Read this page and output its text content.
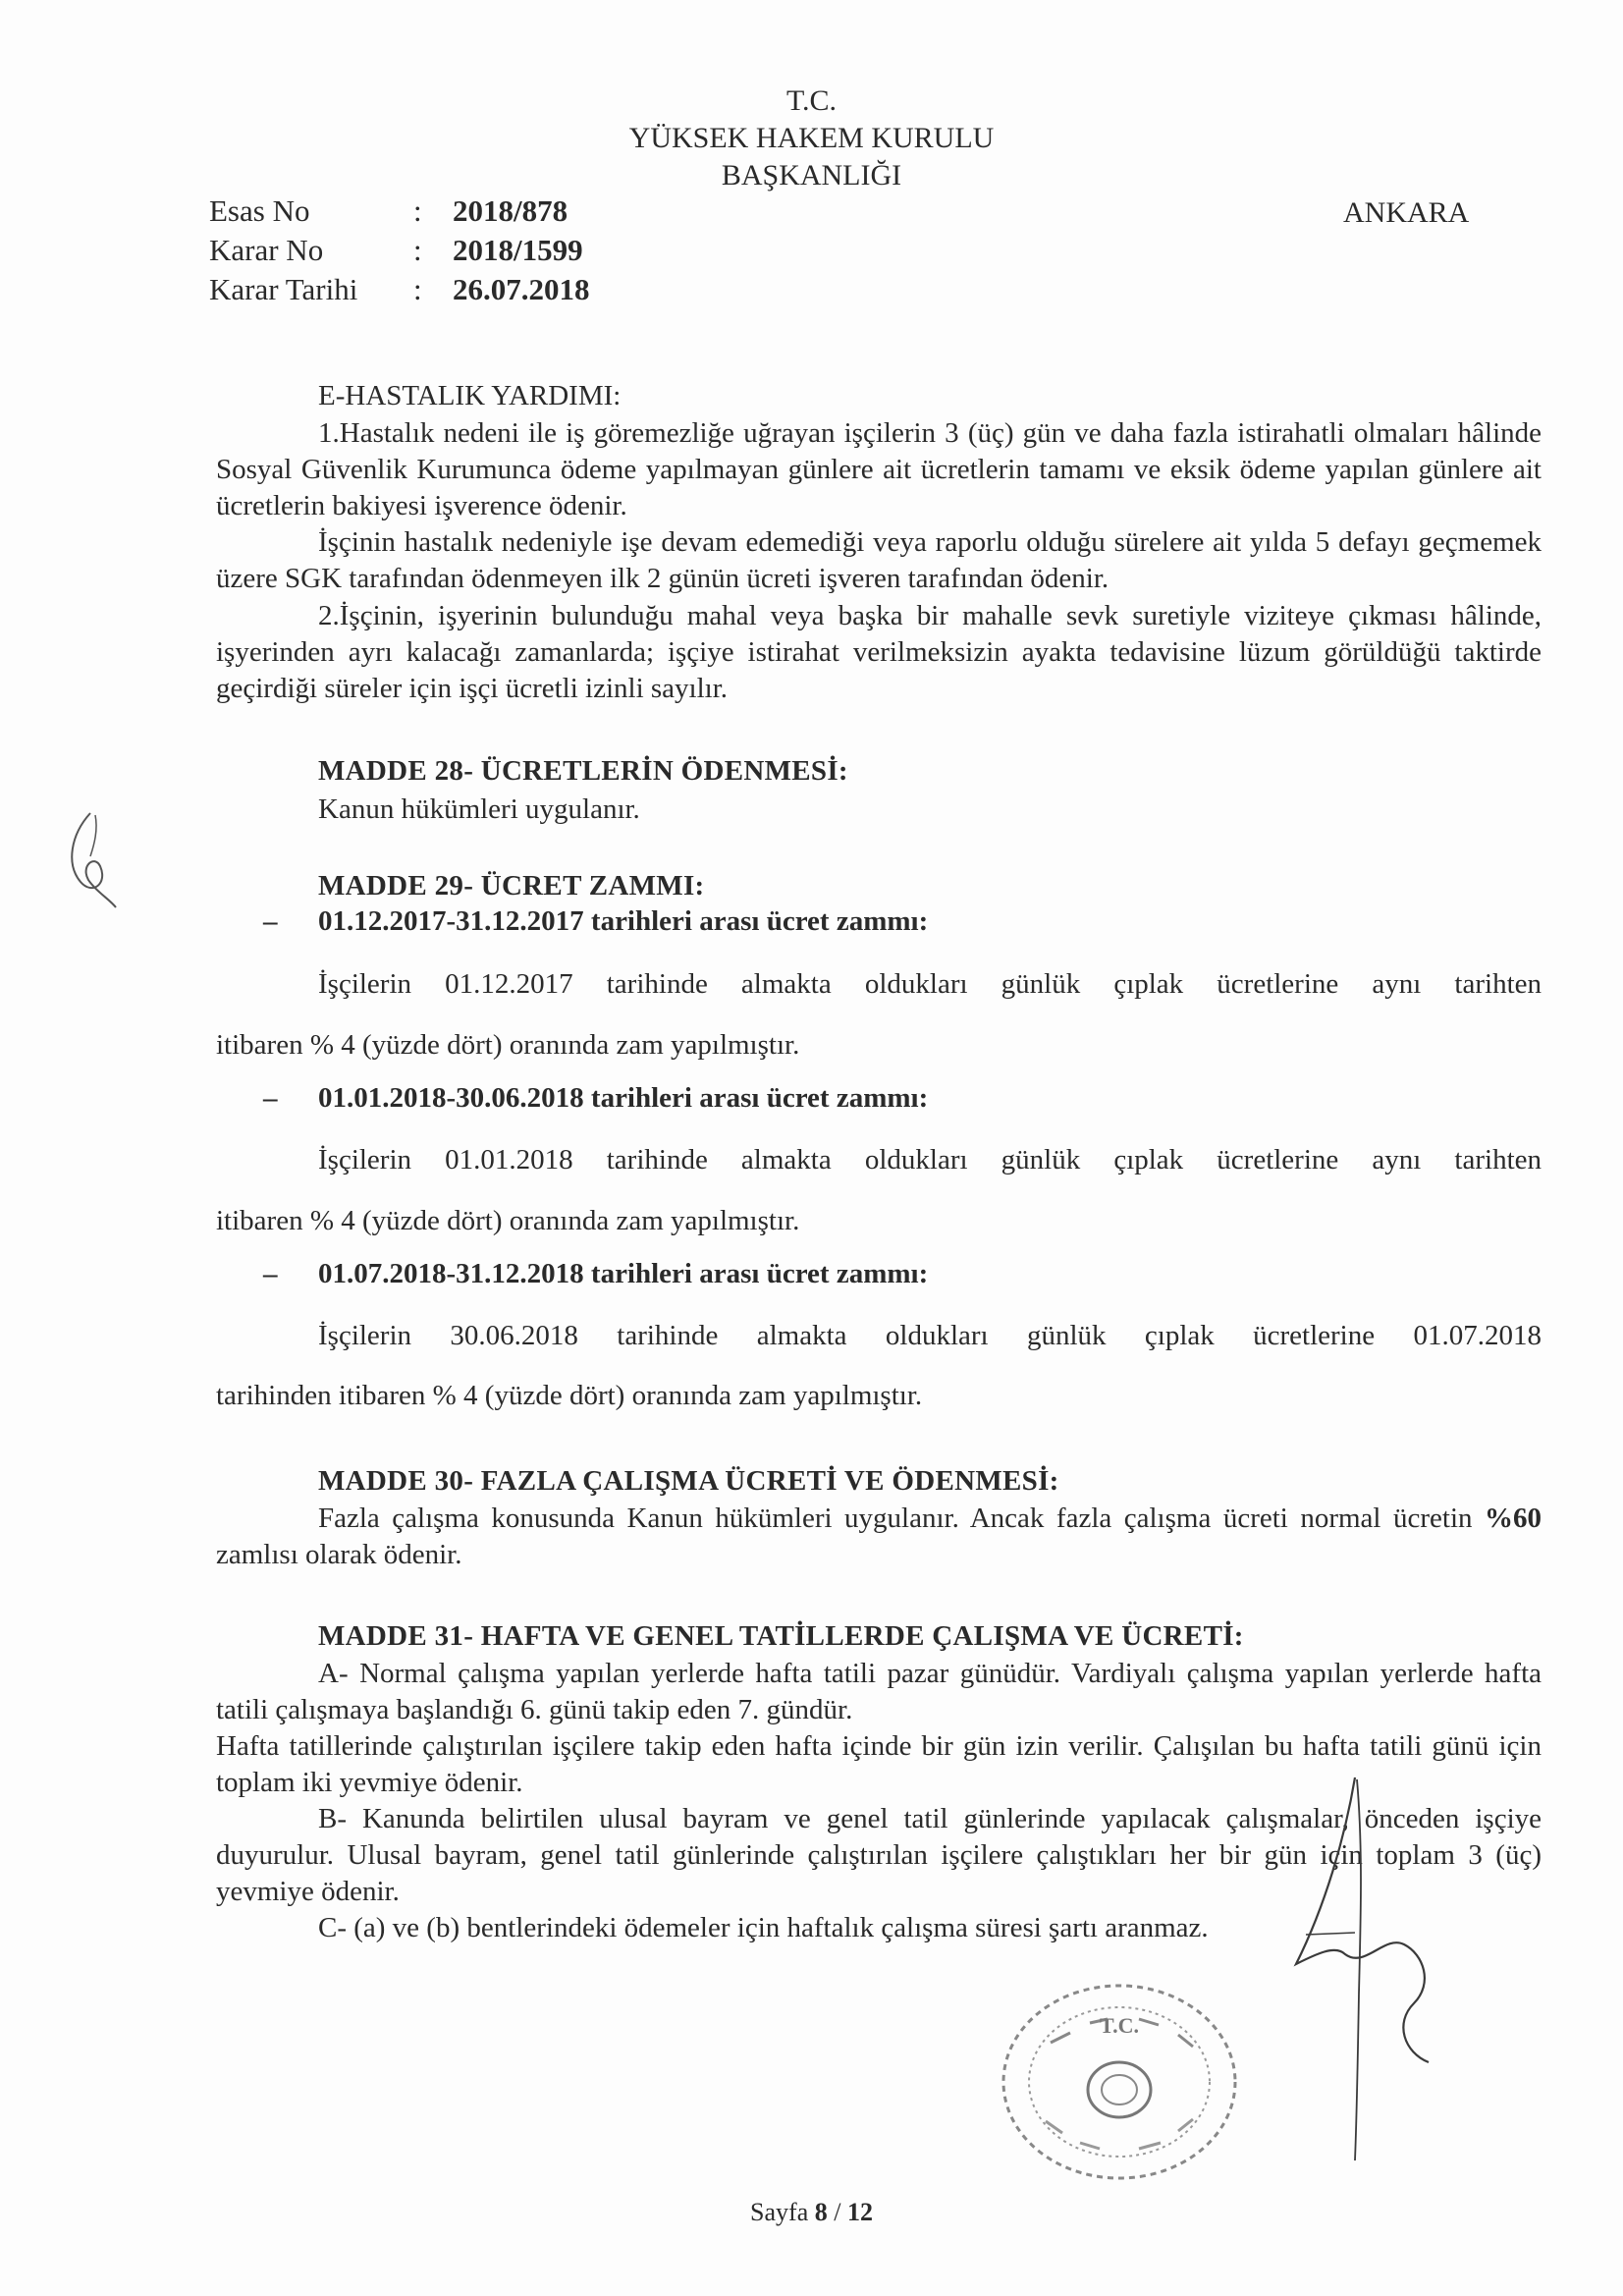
T.C.
YÜKSEK HAKEM KURULU
BAŞKANLIĞI
ANKARA
Esas No	: 2018/878
Karar No	: 2018/1599
Karar Tarihi : 26.07.2018
E-HASTALIK YARDIMI:
1.Hastalık nedeni ile iş göremezliğe uğrayan işçilerin 3 (üç) gün ve daha fazla istirahatli olmaları hâlinde Sosyal Güvenlik Kurumunca ödeme yapılmayan günlere ait ücretlerin tamamı ve eksik ödeme yapılan günlere ait ücretlerin bakiyesi işverence ödenir.
İşçinin hastalık nedeniyle işe devam edemediği veya raporlu olduğu sürelere ait yılda 5 defayı geçmemek üzere SGK tarafından ödenmeyen ilk 2 günün ücreti işveren tarafından ödenir.
2.İşçinin, işyerinin bulunduğu mahal veya başka bir mahalle sevk suretiyle viziteye çıkması hâlinde, işyerinden ayrı kalacağı zamanlarda; işçiye istirahat verilmeksizin ayakta tedavisine lüzum görüldüğü taktirde geçirdiği süreler için işçi ücretli izinli sayılır.
MADDE 28- ÜCRETLERİN ÖDENMESİ:
Kanun hükümleri uygulanır.
MADDE 29- ÜCRET ZAMMI:
– 01.12.2017-31.12.2017 tarihleri arası ücret zammı:
İşçilerin 01.12.2017 tarihinde almakta oldukları günlük çıplak ücretlerine aynı tarihten
itibaren % 4 (yüzde dört) oranında zam yapılmıştır.
– 01.01.2018-30.06.2018 tarihleri arası ücret zammı:
İşçilerin 01.01.2018 tarihinde almakta oldukları günlük çıplak ücretlerine aynı tarihten
itibaren % 4 (yüzde dört) oranında zam yapılmıştır.
– 01.07.2018-31.12.2018 tarihleri arası ücret zammı:
İşçilerin 30.06.2018 tarihinde almakta oldukları günlük çıplak ücretlerine 01.07.2018
tarihinden itibaren % 4 (yüzde dört) oranında zam yapılmıştır.
MADDE 30- FAZLA ÇALIŞMA ÜCRETİ VE ÖDENMESİ:
Fazla çalışma konusunda Kanun hükümleri uygulanır. Ancak fazla çalışma ücreti normal ücretin %60 zamlısı olarak ödenir.
MADDE 31- HAFTA VE GENEL TATİLLERDE ÇALIŞMA VE ÜCRETİ:
A- Normal çalışma yapılan yerlerde hafta tatili pazar günüdür. Vardiyalı çalışma yapılan yerlerde hafta tatili çalışmaya başlandığı 6. günü takip eden 7. gündür.
Hafta tatillerinde çalıştırılan işçilere takip eden hafta içinde bir gün izin verilir. Çalışılan bu hafta tatili günü için toplam iki yevmiye ödenir.
B- Kanunda belirtilen ulusal bayram ve genel tatil günlerinde yapılacak çalışmalar, önceden işçiye duyurulur. Ulusal bayram, genel tatil günlerinde çalıştırılan işçilere çalıştıkları her bir gün için toplam 3 (üç) yevmiye ödenir.
C- (a) ve (b) bentlerindeki ödemeler için haftalık çalışma süresi şartı aranmaz.
Sayfa 8 / 12
T.C.
